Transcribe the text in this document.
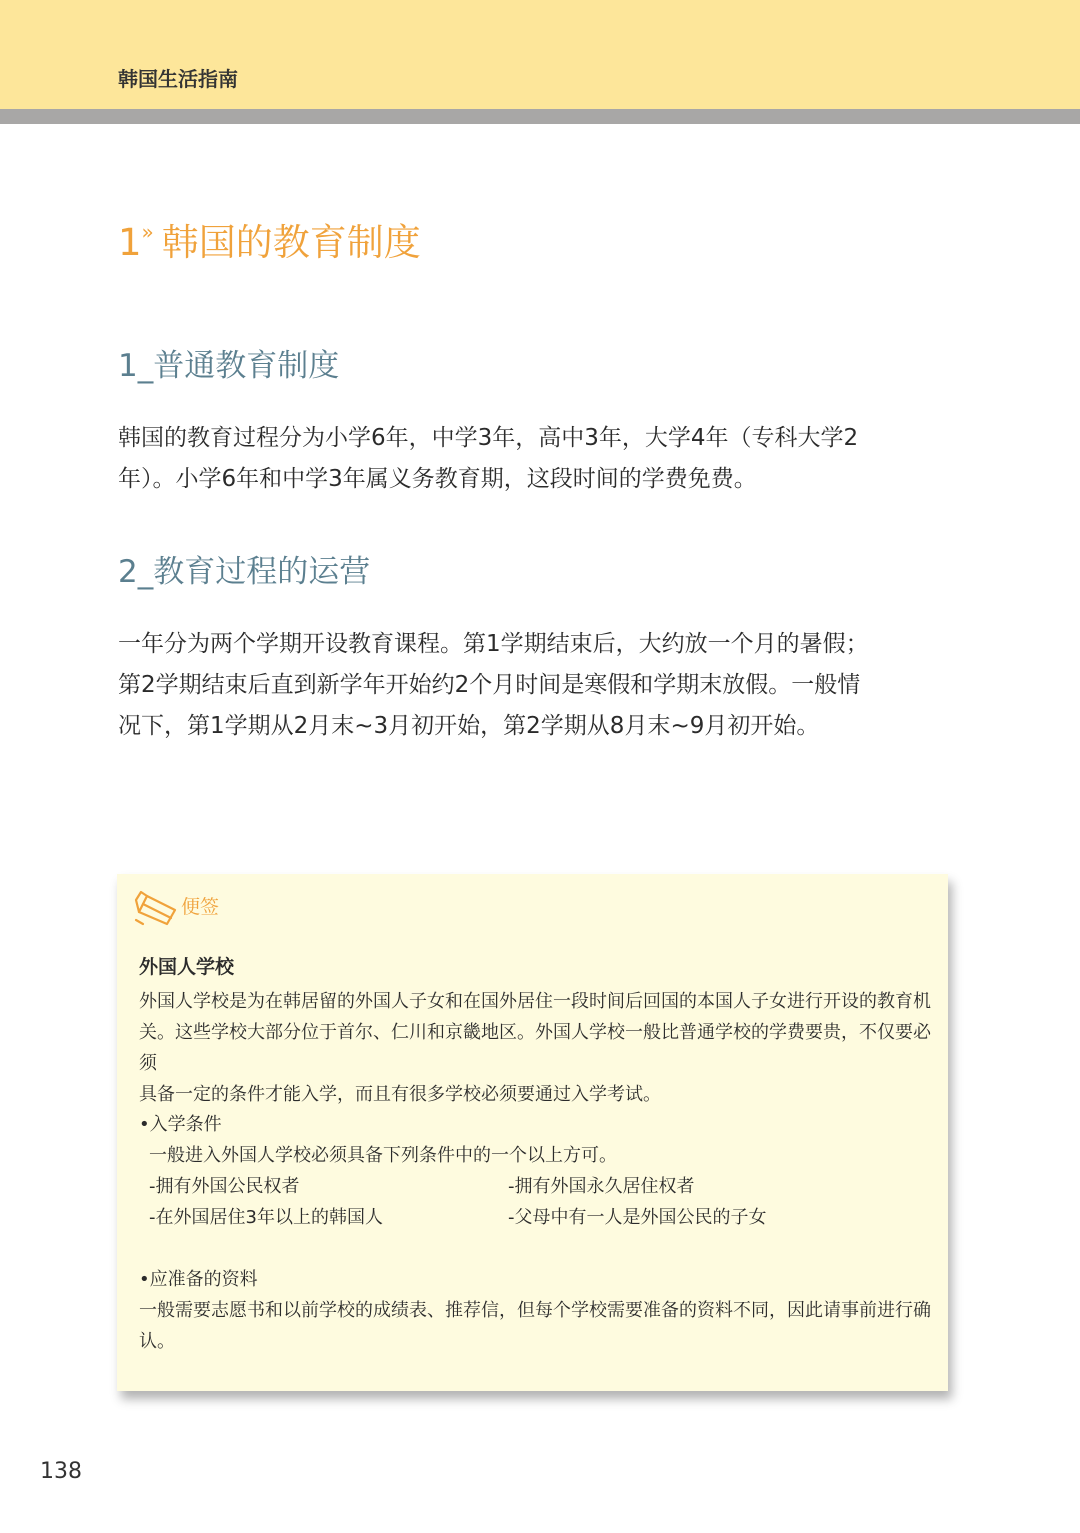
韩国生活指南
1» 韩国的教育制度
1_普通教育制度
韩国的教育过程分为小学6年，中学3年，高中3年，大学4年（专科大学2
年）。小学6年和中学3年属义务教育期，这段时间的学费免费。
2_教育过程的运营
一年分为两个学期开设教育课程。第1学期结束后，大约放一个月的暑假；
第2学期结束后直到新学年开始约2个月时间是寒假和学期末放假。一般情
况下，第1学期从2月末~3月初开始，第2学期从8月末~9月初开始。
便签
外国人学校
外国人学校是为在韩居留的外国人子女和在国外居住一段时间后回国的本国人子女进行开设的教育机
关。这些学校大部分位于首尔、仁川和京畿地区。外国人学校一般比普通学校的学费要贵，不仅要必须
具备一定的条件才能入学，而且有很多学校必须要通过入学考试。
•入学条件
一般进入外国人学校必须具备下列条件中的一个以上方可。
-拥有外国公民权者	-拥有外国永久居住权者
-在外国居住3年以上的韩国人	-父母中有一人是外国公民的子女
•应准备的资料
一般需要志愿书和以前学校的成绩表、推荐信，但每个学校需要准备的资料不同，因此请事前进行确
认。
138
